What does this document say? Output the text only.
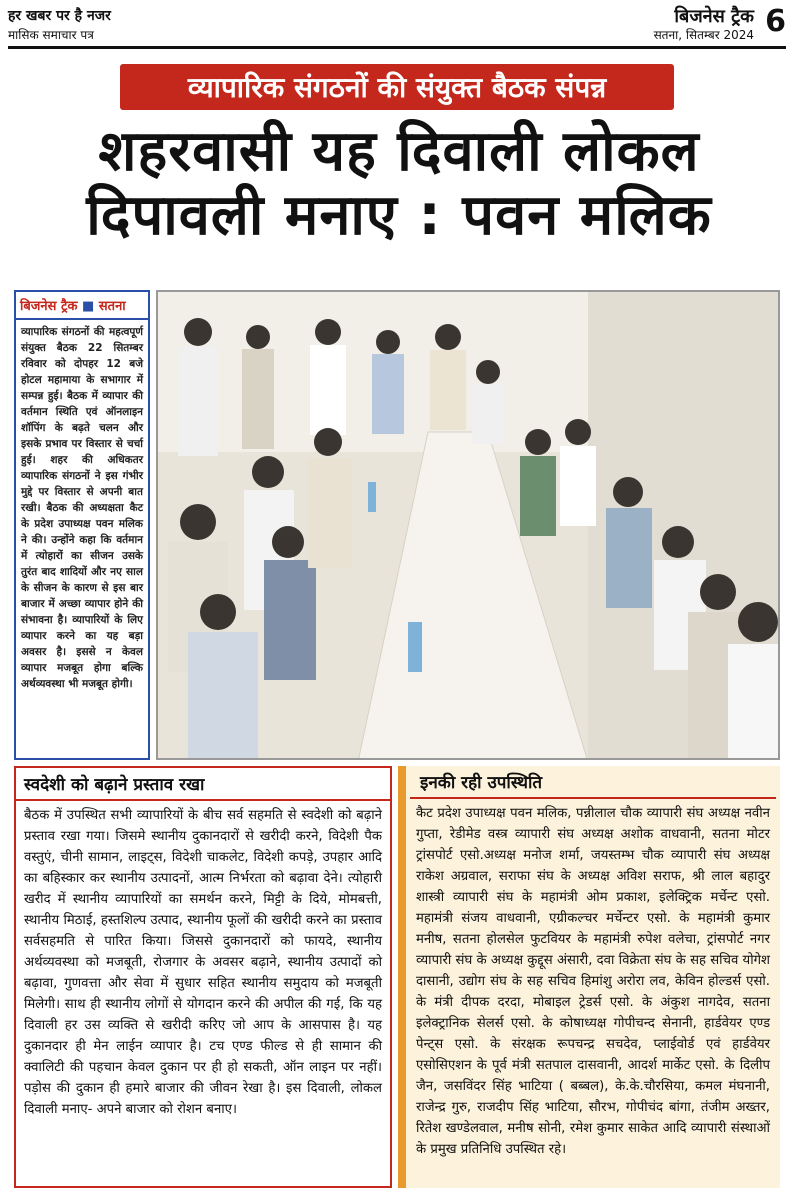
हर खबर पर है नजर
मासिक समाचार पत्र
बिजनेस ट्रैक
सतना, सितम्बर 2024 6
व्यापारिक संगठनों की संयुक्त बैठक संपन्न
शहरवासी यह दिवाली लोकल
दिपावली मनाए : पवन मलिक
बिजनेस ट्रैक ■ सतना
व्यापारिक संगठनों की महत्वपूर्ण संयुक्त बैठक 22 सितम्बर रविवार को दोपहर 12 बजे होटल महामाया के सभागार में सम्पन्न हुई। बैठक में व्यापार की वर्तमान स्थिति एवं ऑनलाइन शॉपिंग के बढ़ते चलन और इसके प्रभाव पर विस्तार से चर्चा हुई। शहर की अधिकतर व्यापारिक संगठनों ने इस गंभीर मुद्दे पर विस्तार से अपनी बात रखी। बैठक की अध्यक्षता कैट के प्रदेश उपाध्यक्ष पवन मलिक ने की। उन्होंने कहा कि वर्तमान में त्योहारों का सीजन उसके तुरंत बाद शादियों और नए साल के सीजन के कारण से इस बार बाजार में अच्छा व्यापार होने की संभावना है। व्यापारियों के लिए व्यापार करने का यह बड़ा अवसर है। इससे न केवल व्यापार मजबूत होगा बल्कि अर्थव्यवस्था भी मजबूत होगी।
स्वदेशी को बढ़ाने प्रस्ताव रखा
बैठक में उपस्थित सभी व्यापारियों के बीच सर्व सहमति से स्वदेशी को बढ़ाने प्रस्ताव रखा गया। जिसमे स्थानीय दुकानदारों से खरीदी करने, विदेशी पैक वस्तुएं, चीनी सामान, लाइट्स, विदेशी चाकलेट, विदेशी कपड़े, उपहार आदि का बहिस्कार कर स्थानीय उत्पादनों, आत्म निर्भरता को बढ़ावा देने। त्योहारी खरीद में स्थानीय व्यापारियों का समर्थन करने, मिट्टी के दिये, मोमबत्ती, स्थानीय मिठाई, हस्तशिल्प उत्पाद, स्थानीय फूलों की खरीदी करने का प्रस्ताव सर्वसहमति से पारित किया। जिससे दुकानदारों को फायदे, स्थानीय अर्थव्यवस्था को मजबूती, रोजगार के अवसर बढ़ाने, स्थानीय उत्पादों को बढ़ावा, गुणवत्ता और सेवा में सुधार सहित स्थानीय समुदाय को मजबूती मिलेगी। साथ ही स्थानीय लोगों से योगदान करने की अपील की गई, कि यह दिवाली हर उस व्यक्ति से खरीदी करिए जो आप के आसपास है। यह दुकानदार ही मेन लाईन व्यापार है। टच एण्ड फील्ड से ही सामान की क्वालिटी की पहचान केवल दुकान पर ही हो सकती, ऑन लाइन पर नहीं। पड़ोस की दुकान ही हमारे बाजार की जीवन रेखा है। इस दिवाली, लोकल दिवाली मनाए- अपने बाजार को रोशन बनाए।
इनकी रही उपस्थिति
कैट प्रदेश उपाध्यक्ष पवन मलिक, पन्नीलाल चौक व्यापारी संघ अध्यक्ष नवीन गुप्ता, रेडीमेड वस्त्र व्यापारी संघ अध्यक्ष अशोक वाधवानी, सतना मोटर ट्रांसपोर्ट एसो.अध्यक्ष मनोज शर्मा, जयस्तम्भ चौक व्यापारी संघ अध्यक्ष राकेश अग्रवाल, सराफा संघ के अध्यक्ष अविश सराफ, श्री लाल बहादुर शास्त्री व्यापारी संघ के महामंत्री ओम प्रकाश, इलेक्ट्रिक मर्चेन्ट एसो. महामंत्री संजय वाधवानी, एग्रीकल्चर मर्चेन्टर एसो. के महामंत्री कुमार मनीष, सतना होलसेल फुटवियर के महामंत्री रुपेश वलेचा, ट्रांसपोर्ट नगर व्यापारी संघ के अध्यक्ष कुद्दूस अंसारी, दवा विक्रेता संघ के सह सचिव योगेश दासानी, उद्योग संघ के सह सचिव हिमांशु अरोरा लव, केविन होल्डर्स एसो. के मंत्री दीपक दरदा, मोबाइल ट्रेडर्स एसो. के अंकुश नागदेव, सतना इलेक्ट्रानिक सेलर्स एसो. के कोषाध्यक्ष गोपीचन्द सेनानी, हार्डवेयर एण्ड पेन्ट्स एसो. के संरक्षक रूपचन्द्र सचदेव, प्लाईवोर्ड एवं हार्डवेयर एसोसिएशन के पूर्व मंत्री सतपाल दासवानी, आदर्श मार्केट एसो. के दिलीप जैन, जसविंदर सिंह भाटिया ( बब्बल), के.के.चौरसिया, कमल मंघनानी, राजेन्द्र गुरु, राजदीप सिंह भाटिया, सौरभ, गोपीचंद बांगा, तंजीम अख्तर, रितेश खण्डेलवाल, मनीष सोनी, रमेश कुमार साकेत आदि व्यापारी संस्थाओं के प्रमुख प्रतिनिधि उपस्थित रहे।
